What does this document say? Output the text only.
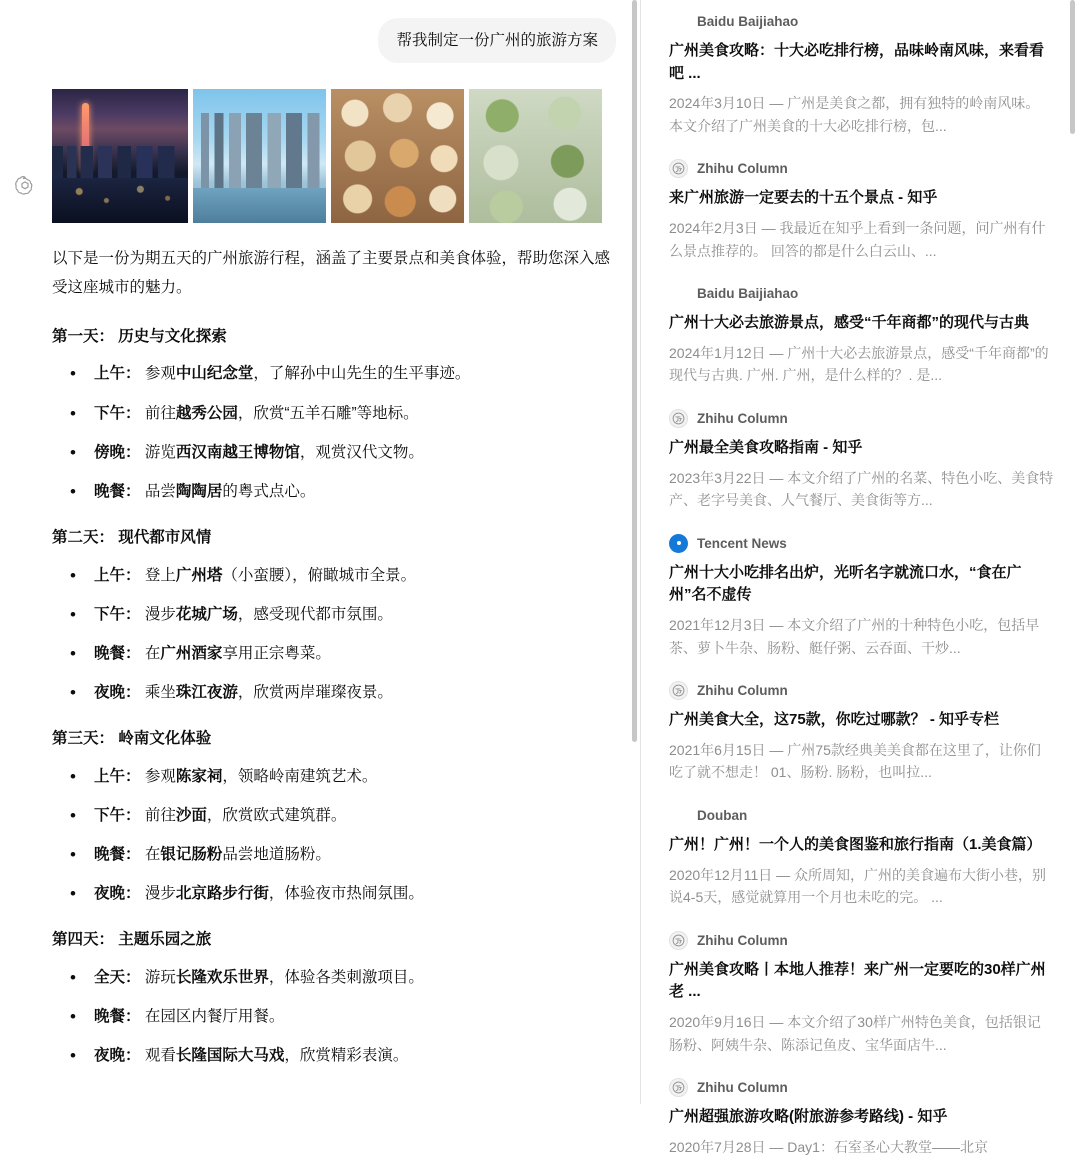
帮我制定一份广州的旅游方案

以下是一份为期五天的广州旅游行程，涵盖了主要景点和美食体验，帮助您深入感受这座城市的魅力。

第一天： 历史与文化探索
• 上午： 参观中山纪念堂，了解孙中山先生的生平事迹。
• 下午： 前往越秀公园，欣赏“五羊石雕”等地标。
• 傍晚： 游览西汉南越王博物馆，观赏汉代文物。
• 晚餐： 品尝陶陶居的粤式点心。
第二天： 现代都市风情
• 上午： 登上广州塔（小蛮腰），俯瞰城市全景。
• 下午： 漫步花城广场，感受现代都市氛围。
• 晚餐： 在广州酒家享用正宗粤菜。
• 夜晚： 乘坐珠江夜游，欣赏两岸璀璨夜景。
第三天： 岭南文化体验
• 上午： 参观陈家祠，领略岭南建筑艺术。
• 下午： 前往沙面，欣赏欧式建筑群。
• 晚餐： 在银记肠粉品尝地道肠粉。
• 夜晚： 漫步北京路步行街，体验夜市热闹氛围。
第四天： 主题乐园之旅
• 全天： 游玩长隆欢乐世界，体验各类刺激项目。
• 晚餐： 在园区内餐厅用餐。
• 夜晚： 观看长隆国际大马戏，欣赏精彩表演。
Baidu Baijiahao
广州美食攻略：十大必吃排行榜，品味岭南风味，来看看吧 ...
2024年3月10日 — 广州是美食之都，拥有独特的岭南风味。 本文介绍了广州美食的十大必吃排行榜，包...
Zhihu Column
来广州旅游一定要去的十五个景点 - 知乎
2024年2月3日 — 我最近在知乎上看到一条问题，问广州有什么景点推荐的。 回答的都是什么白云山、...
Baidu Baijiahao
广州十大必去旅游景点，感受“千年商都”的现代与古典
2024年1月12日 — 广州十大必去旅游景点，感受“千年商都”的现代与古典. 广州. 广州，是什么样的？. 是...
Zhihu Column
广州最全美食攻略指南 - 知乎
2023年3月22日 — 本文介绍了广州的名菜、特色小吃、美食特产、老字号美食、人气餐厅、美食街等方...
Tencent News
广州十大小吃排名出炉，光听名字就流口水，“食在广州”名不虚传
2021年12月3日 — 本文介绍了广州的十种特色小吃，包括早茶、萝卜牛杂、肠粉、艇仔粥、云吞面、干炒...
Zhihu Column
广州美食大全，这75款，你吃过哪款？ - 知乎专栏
2021年6月15日 — 广州75款经典美美食都在这里了，让你们吃了就不想走！ 01、肠粉. 肠粉，也叫拉...
Douban
广州！广州！一个人的美食图鉴和旅行指南（1.美食篇）
2020年12月11日 — 众所周知，广州的美食遍布大街小巷，别说4-5天，感觉就算用一个月也未吃的完。 ...
Zhihu Column
广州美食攻略丨本地人推荐！来广州一定要吃的30样广州老 ...
2020年9月16日 — 本文介绍了30样广州特色美食，包括银记肠粉、阿姨牛杂、陈添记鱼皮、宝华面店牛...
Zhihu Column
广州超强旅游攻略(附旅游参考路线) - 知乎
2020年7月28日 — Day1：石室圣心大教堂——北京
